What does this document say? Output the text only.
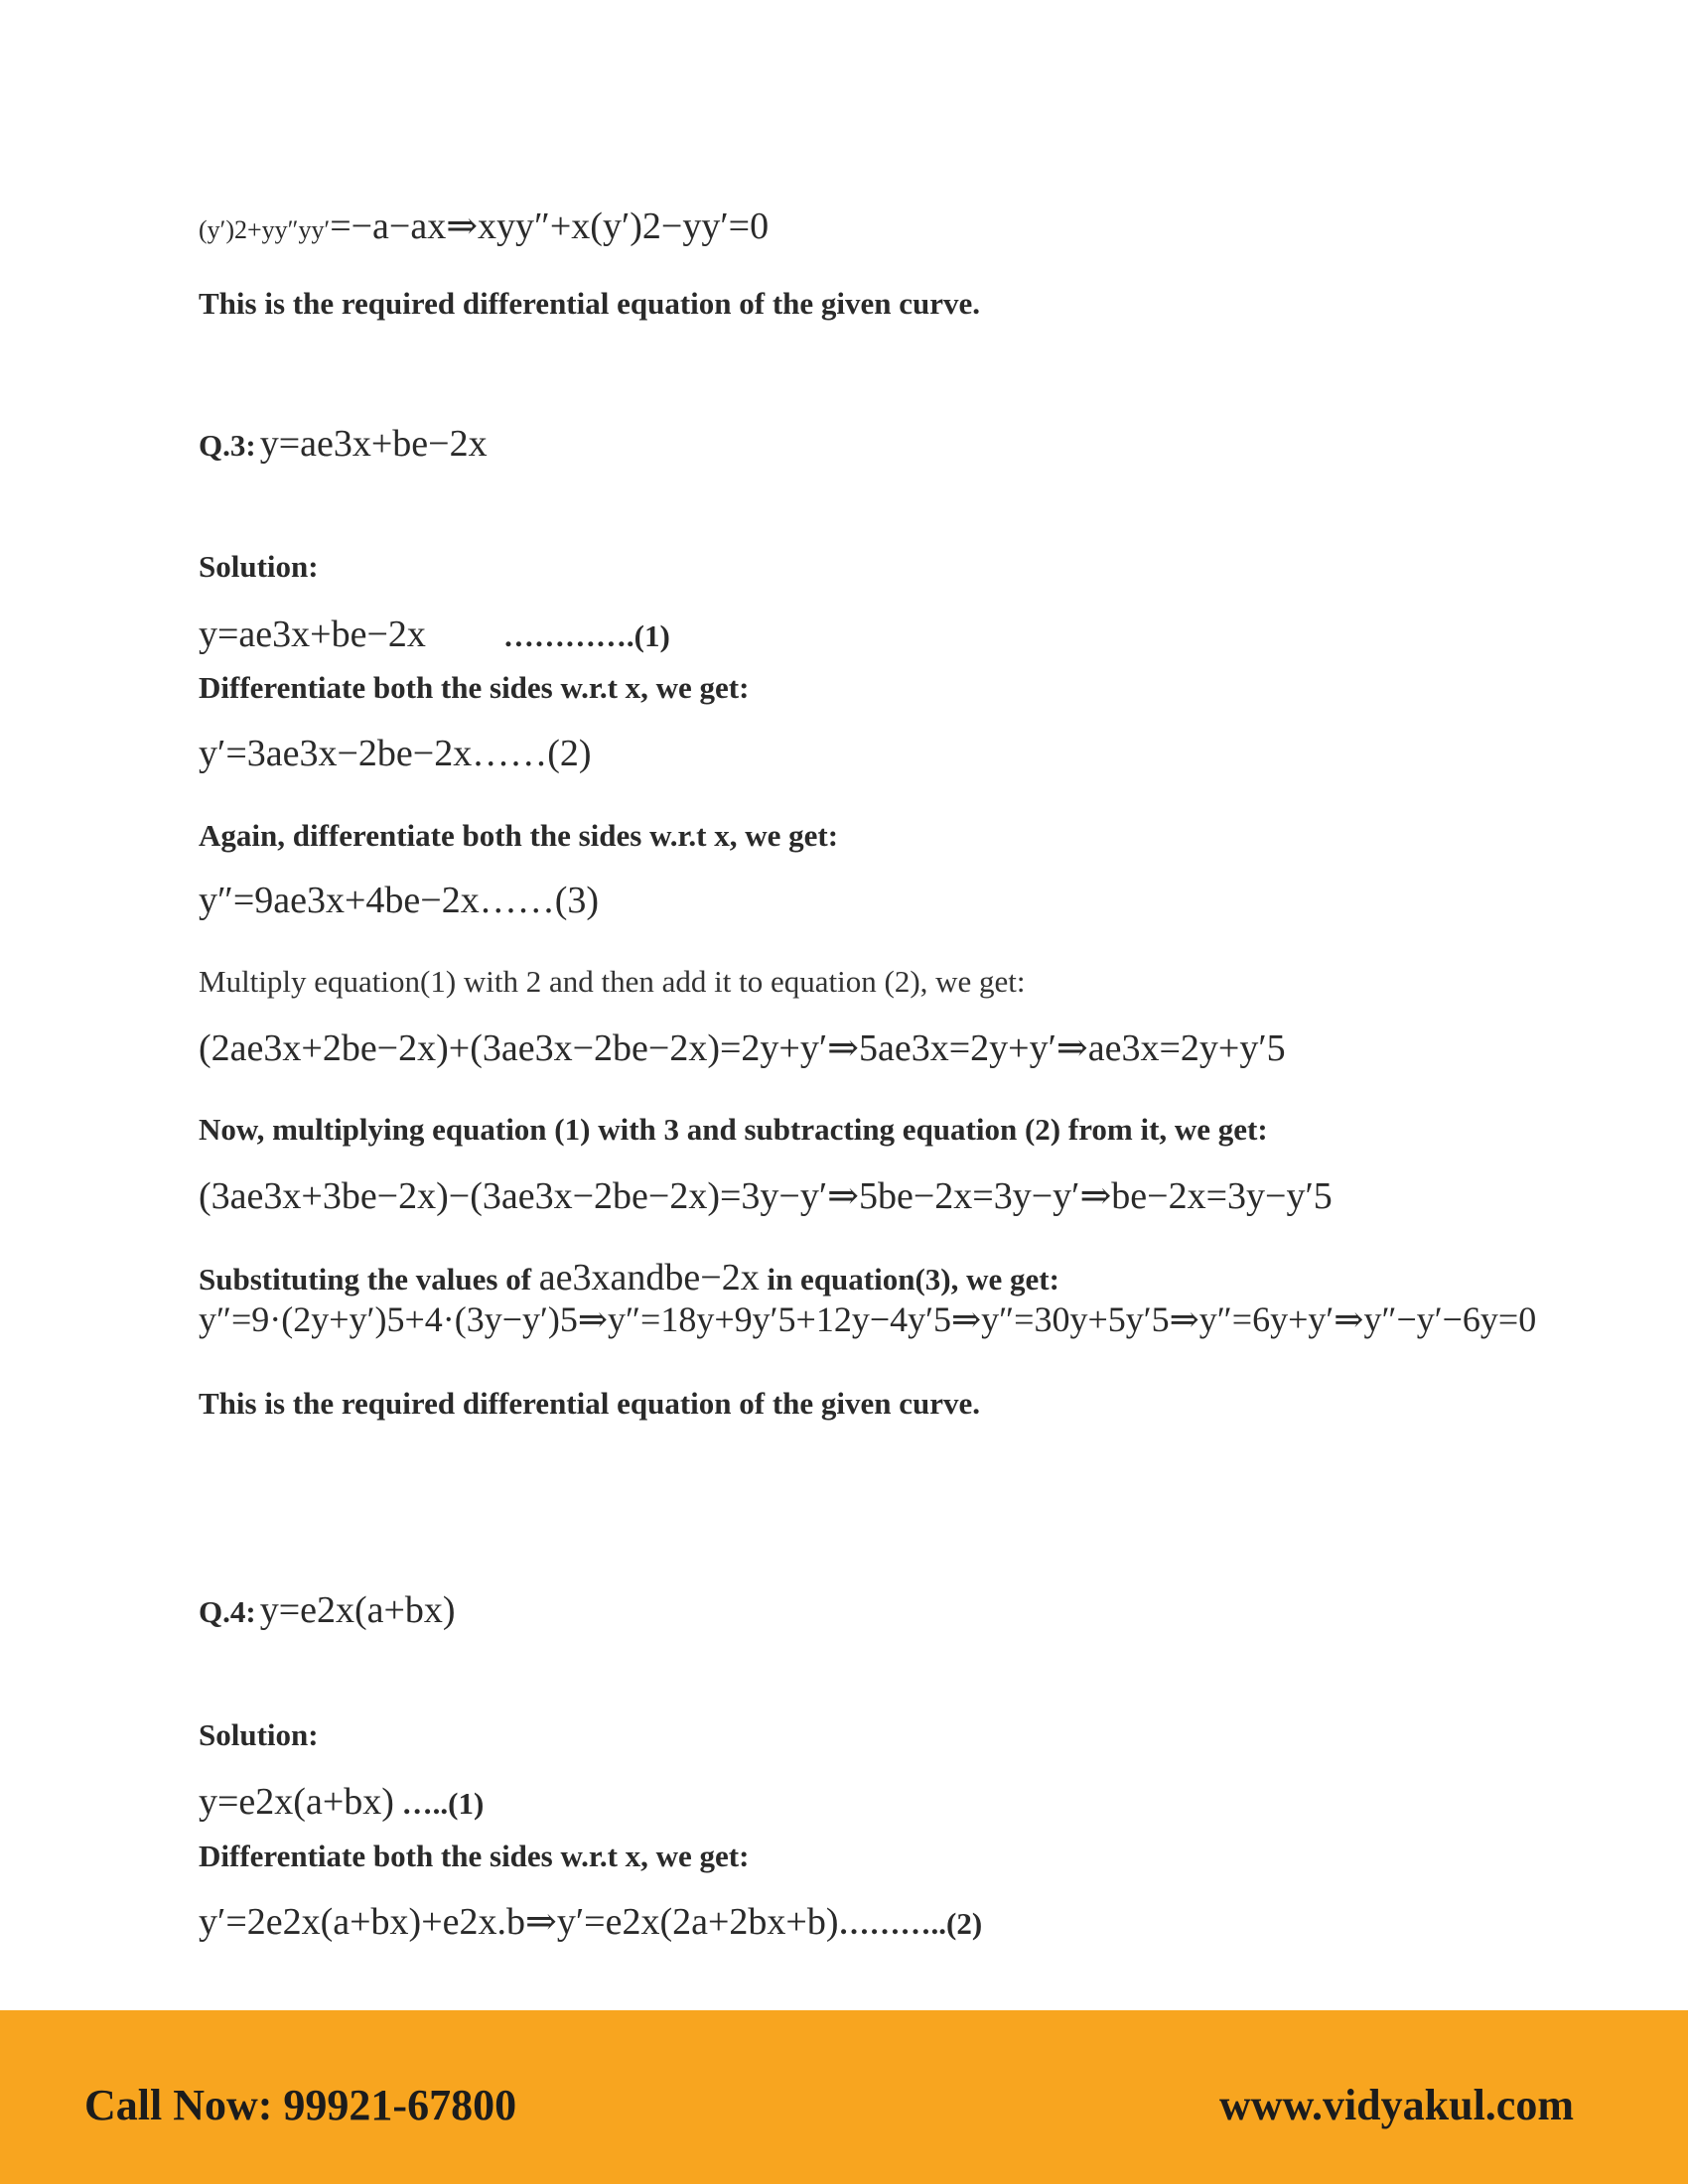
(y′)2+yy″yy′=−a−ax⇒xyy″+x(y′)2−yy′=0
This is the required differential equation of the given curve.
Q.3: y=ae3x+be−2x
Solution:
y=ae3x+be−2x	………….(1)
Differentiate both the sides w.r.t x, we get:
y′=3ae3x−2be−2x……(2)
Again, differentiate both the sides w.r.t x, we get:
y″=9ae3x+4be−2x……(3)
Multiply equation(1) with 2 and then add it to equation (2), we get:
(2ae3x+2be−2x)+(3ae3x−2be−2x)=2y+y′⇒5ae3x=2y+y′⇒ae3x=2y+y′5
Now, multiplying equation (1) with 3 and subtracting equation (2) from it, we get:
(3ae3x+3be−2x)−(3ae3x−2be−2x)=3y−y′⇒5be−2x=3y−y′⇒be−2x=3y−y′5
Substituting the values of ae3xandbe−2x in equation(3), we get:
y″=9·(2y+y′)5+4·(3y−y′)5⇒y″=18y+9y′5+12y−4y′5⇒y″=30y+5y′5⇒y″=6y+y′⇒y″−y′−6y=0
This is the required differential equation of the given curve.
Q.4: y=e2x(a+bx)
Solution:
y=e2x(a+bx) …..(1)
Differentiate both the sides w.r.t x, we get:
y′=2e2x(a+bx)+e2x.b⇒y′=e2x(2a+2bx+b)………..(2)
Call Now: 99921-67800	www.vidyakul.com
